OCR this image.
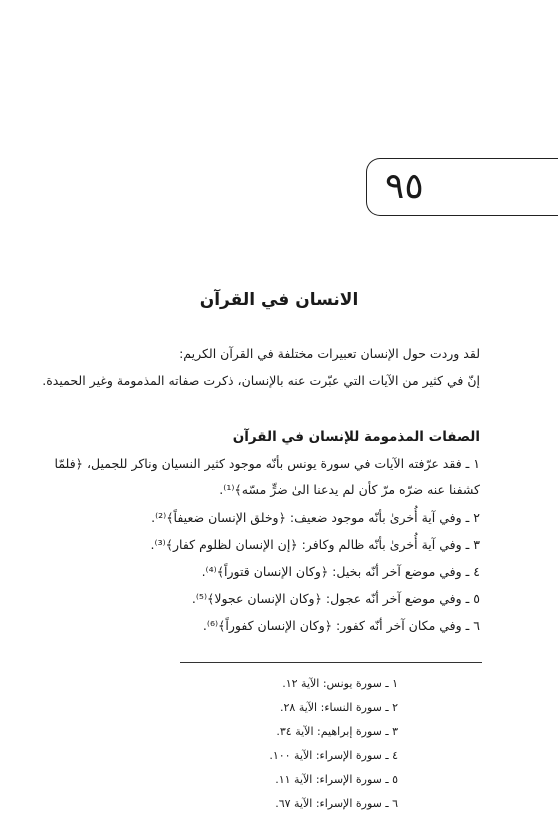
٩٥
الانسان في القرآن
لقد وردت حول الإنسان تعبيرات مختلفة في القرآن الكريم:
إنّ في كثير من الآيات التي عبّرت عنه بالإنسان، ذكرت صفاته المذمومة وغير الحميدة.
الصفات المذمومة للإنسان في القرآن
١ ـ فقد عرّفته الآيات في سورة يونس بأنّه موجود كثير النسيان وناكر للجميل، ﴿فلمّا
كشفنا عنه ضرّه مرّ كأن لم يدعنا الىٰ ضرٍّ مسّه﴾⁽¹⁾.
٢ ـ وفي آية أُخرىٰ بأنّه موجود ضعيف: ﴿وخلق الإنسان ضعيفاً﴾⁽²⁾.
٣ ـ وفي آية أُخرىٰ بأنّه ظالم وكافر: ﴿إن الإنسان لظلوم كفار﴾⁽³⁾.
٤ ـ وفي موضع آخر أنّه بخيل: ﴿وكان الإنسان قتوراً﴾⁽⁴⁾.
٥ ـ وفي موضع آخر أنّه عجول: ﴿وكان الإنسان عجولا﴾⁽⁵⁾.
٦ ـ وفي مكان آخر أنّه كفور: ﴿وكان الإنسان كفوراً﴾⁽⁶⁾.
١ ـ سورة يونس: الآية ١٢.
٢ ـ سورة النساء: الآية ٢٨.
٣ ـ سورة إبراهيم: الآية ٣٤.
٤ ـ سورة الإسراء: الآية ١٠٠.
٥ ـ سورة الإسراء: الآية ١١.
٦ ـ سورة الإسراء: الآية ٦٧.
